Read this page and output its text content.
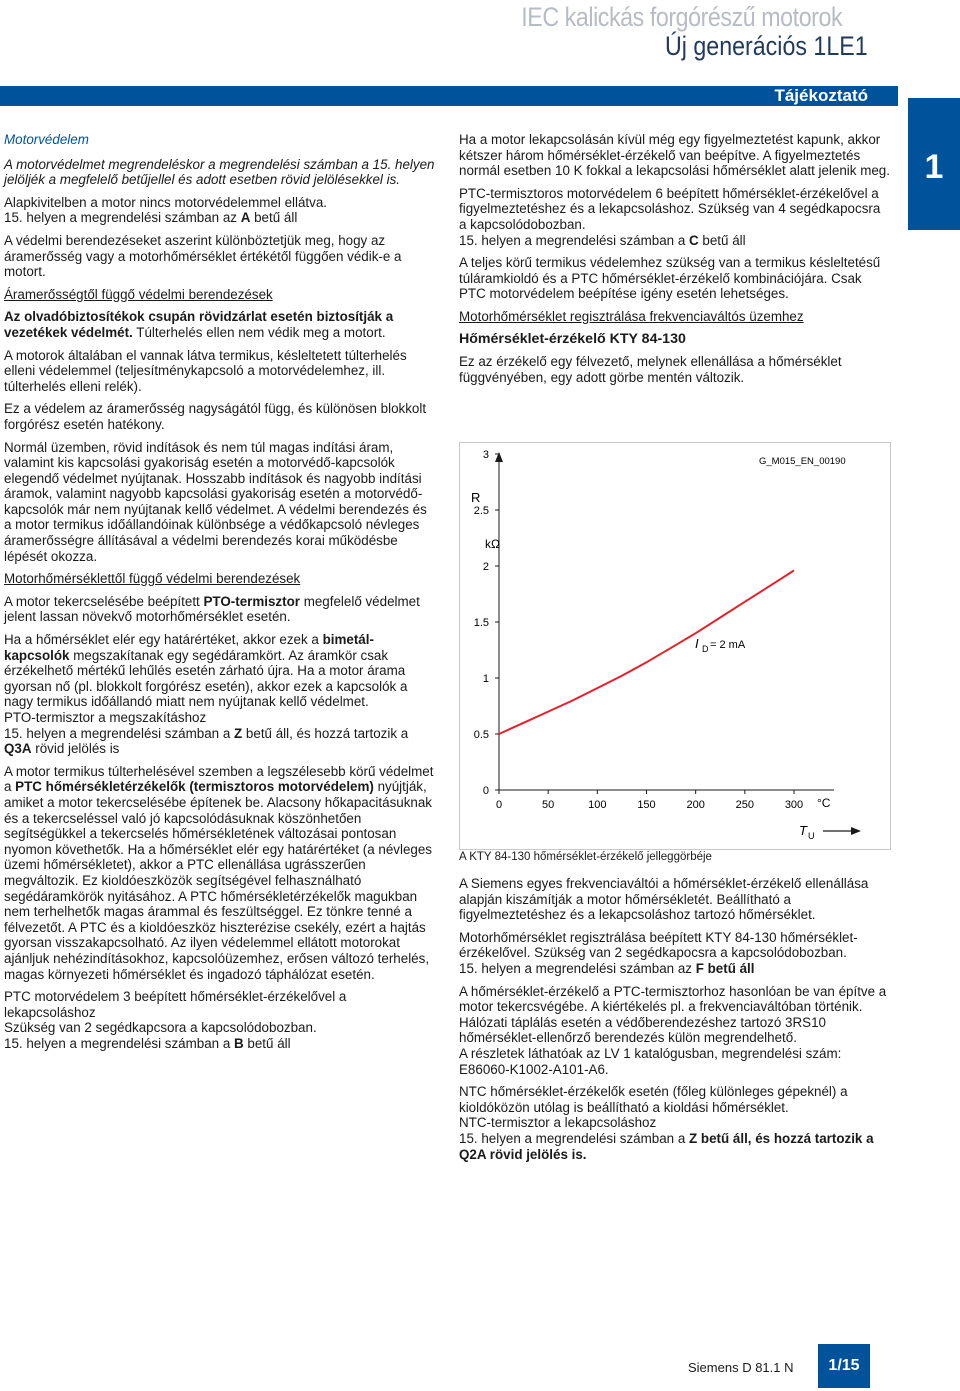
IEC kalickás forgórészű motorok
Új generációs 1LE1
Tájékoztató
1

Motorvédelem

A motorvédelmet megrendeléskor a megrendelési számban a 15. helyen jelöljék a megfelelő betűjellel és adott esetben rövid jelölésekkel is.

Alapkivitelben a motor nincs motorvédelemmel ellátva.
15. helyen a megrendelési számban az A betű áll

A védelmi berendezéseket aszerint különböztetjük meg, hogy az áramerősség vagy a motorhőmérséklet értékétől függően védik-e a motort.

Áramerősségtől függő védelmi berendezések

Az olvadóbiztosítékok csupán rövidzárlat esetén biztosítják a vezetékek védelmét. Túlterhelés ellen nem védik meg a motort.

A motorok általában el vannak látva termikus, késleltetett túlterhelés elleni védelemmel (teljesítménykapcsoló a motorvédelemhez, ill. túlterhelés elleni relék).

Ez a védelem az áramerősség nagyságától függ, és különösen blokkolt forgórész esetén hatékony.

Normál üzemben, rövid indítások és nem túl magas indítási áram, valamint kis kapcsolási gyakoriság esetén a motorvédő-kapcsolók elegendő védelmet nyújtanak. Hosszabb indítások és nagyobb indítási áramok, valamint nagyobb kapcsolási gyakoriság esetén a motorvédő-kapcsolók már nem nyújtanak kellő védelmet. A védelmi berendezés és a motor termikus időállandóinak különbsége a védőkapcsoló névleges áramerősségre állításával a védelmi berendezés korai működésbe lépését okozza.

Motorhőmérséklettől függő védelmi berendezések

A motor tekercselésébe beépített PTO-termisztor megfelelő védelmet jelent lassan növekvő motorhőmérséklet esetén.

Ha a hőmérséklet elér egy határértéket, akkor ezek a bimetál-kapcsolók megszakítanak egy segédáramkört. Az áramkör csak érzékelhető mértékű lehűlés esetén zárható újra. Ha a motor árama gyorsan nő (pl. blokkolt forgórész esetén), akkor ezek a kapcsolók a nagy termikus időállandó miatt nem nyújtanak kellő védelmet.
PTO-termisztor a megszakításhoz
15. helyen a megrendelési számban a Z betű áll, és hozzá tartozik a Q3A rövid jelölés is

A motor termikus túlterhelésével szemben a legszélesebb körű védelmet a PTC hőmérsékletérzékelők (termisztoros motorvédelem) nyújtják, amiket a motor tekercselésébe építenek be. Alacsony hőkapacitásuknak és a tekercseléssel való jó kapcsolódásuknak köszönhetően segítségükkel a tekercselés hőmérsékletének változásai pontosan nyomon követhetők. Ha a hőmérséklet elér egy határértéket (a névleges üzemi hőmérsékletet), akkor a PTC ellenállása ugrásszerűen megváltozik. Ez kioldóeszközök segítségével felhasználható segédáramkörök nyitásához. A PTC hőmérsékletérzékelők magukban nem terhelhetők magas árammal és feszültséggel. Ez tönkre tenné a félvezetőt. A PTC és a kioldóeszköz hiszterézise csekély, ezért a hajtás gyorsan visszakapcsolható. Az ilyen védelemmel ellátott motorokat ajánljuk nehézindításokhoz, kapcsolóüzemhez, erősen változó terhelés, magas környezeti hőmérséklet és ingadozó táphálózat esetén.

PTC motorvédelem 3 beépített hőmérséklet-érzékelővel a lekapcsoláshoz
Szükség van 2 segédkapcsora a kapcsolódobozban.
15. helyen a megrendelési számban a B betű áll

Ha a motor lekapcsolásán kívül még egy figyelmeztetést kapunk, akkor kétszer három hőmérséklet-érzékelő van beépítve. A figyelmeztetés normál esetben 10 K fokkal a lekapcsolási hőmérséklet alatt jelenik meg.

PTC-termisztoros motorvédelem 6 beépített hőmérséklet-érzékelővel a figyelmeztetéshez és a lekapcsoláshoz. Szükség van 4 segédkapocsra a kapcsolódobozban.
15. helyen a megrendelési számban a C betű áll

A teljes körű termikus védelemhez szükség van a termikus késleltetésű túláramkioldó és a PTC hőmérséklet-érzékelő kombinációjára. Csak PTC motorvédelem beépítése igény esetén lehetséges.

Motorhőmérséklet regisztrálása frekvenciaváltós üzemhez

Hőmérséklet-érzékelő KTY 84-130

Ez az érzékelő egy félvezető, melynek ellenállása a hőmérséklet függvényében, egy adott görbe mentén változik.

0
0.5
1
1.5
2
2.5
3
0	50	100	150	200	250	300
G_M015_EN_00190
R
kΩ
°C
T U
I D = 2 mA
A KTY 84-130 hőmérséklet-érzékelő jelleggörbéje

A Siemens egyes frekvenciaváltói a hőmérséklet-érzékelő ellenállása alapján kiszámítják a motor hőmérsékletét. Beállítható a figyelmeztetéshez és a lekapcsoláshoz tartozó hőmérséklet.

Motorhőmérséklet regisztrálása beépített KTY 84-130 hőmérséklet-érzékelővel. Szükség van 2 segédkapocsra a kapcsolódobozban.
15. helyen a megrendelési számban az F betű áll

A hőmérséklet-érzékelő a PTC-termisztorhoz hasonlóan be van építve a motor tekercsvégébe. A kiértékelés pl. a frekvenciaváltóban történik.
Hálózati táplálás esetén a védőberendezéshez tartozó 3RS10 hőmérséklet-ellenőrző berendezés külön megrendelhető.
A részletek láthatóak az LV 1 katalógusban, megrendelési szám: E86060-K1002-A101-A6.

NTC hőmérséklet-érzékelők esetén (főleg különleges gépeknél) a kioldóközön utólag is beállítható a kioldási hőmérséklet.
NTC-termisztor a lekapcsoláshoz
15. helyen a megrendelési számban a Z betű áll, és hozzá tartozik a Q2A rövid jelölés is.

Siemens D 81.1 N	1/15
